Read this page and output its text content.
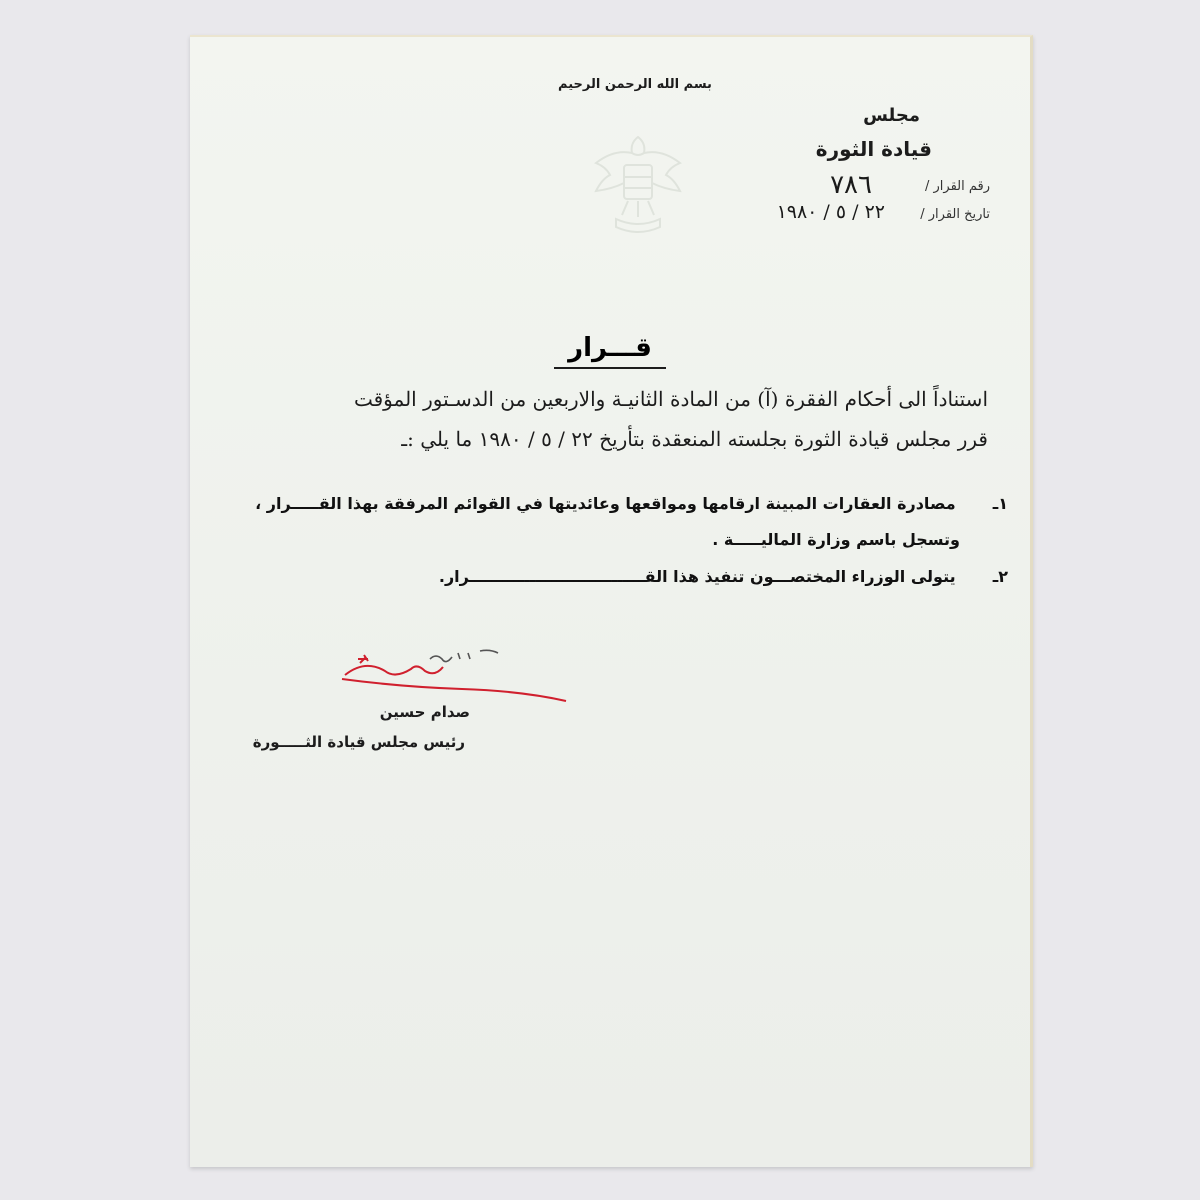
بسم الله الرحمن الرحيم
مجلس
قيادة الثورة
رقم القرار /
٧٨٦
تاريخ القرار /
٢٢ / ٥ / ١٩٨٠
قـــرار
استناداً الى أحكام الفقرة (آ) من المادة الثانيـة والاربعين من الدسـتور المؤقت
قرر مجلس قيادة الثورة بجلسته المنعقدة بتأريخ ٢٢ / ٥ / ١٩٨٠ ما يلي :ـ
١ـ  مصادرة العقارات المبينة ارقامها ومواقعها وعائديتها في القوائم المرفقة بهذا القـــــرار ،
وتسجل باسم وزارة الماليـــــة .
٢ـ  يتولى الوزراء المختصـــون تنفيذ هذا القــــــــــــــــــــــــــــــــرار.
صدام حسين
رئيس مجلس قيادة الثـــــورة
